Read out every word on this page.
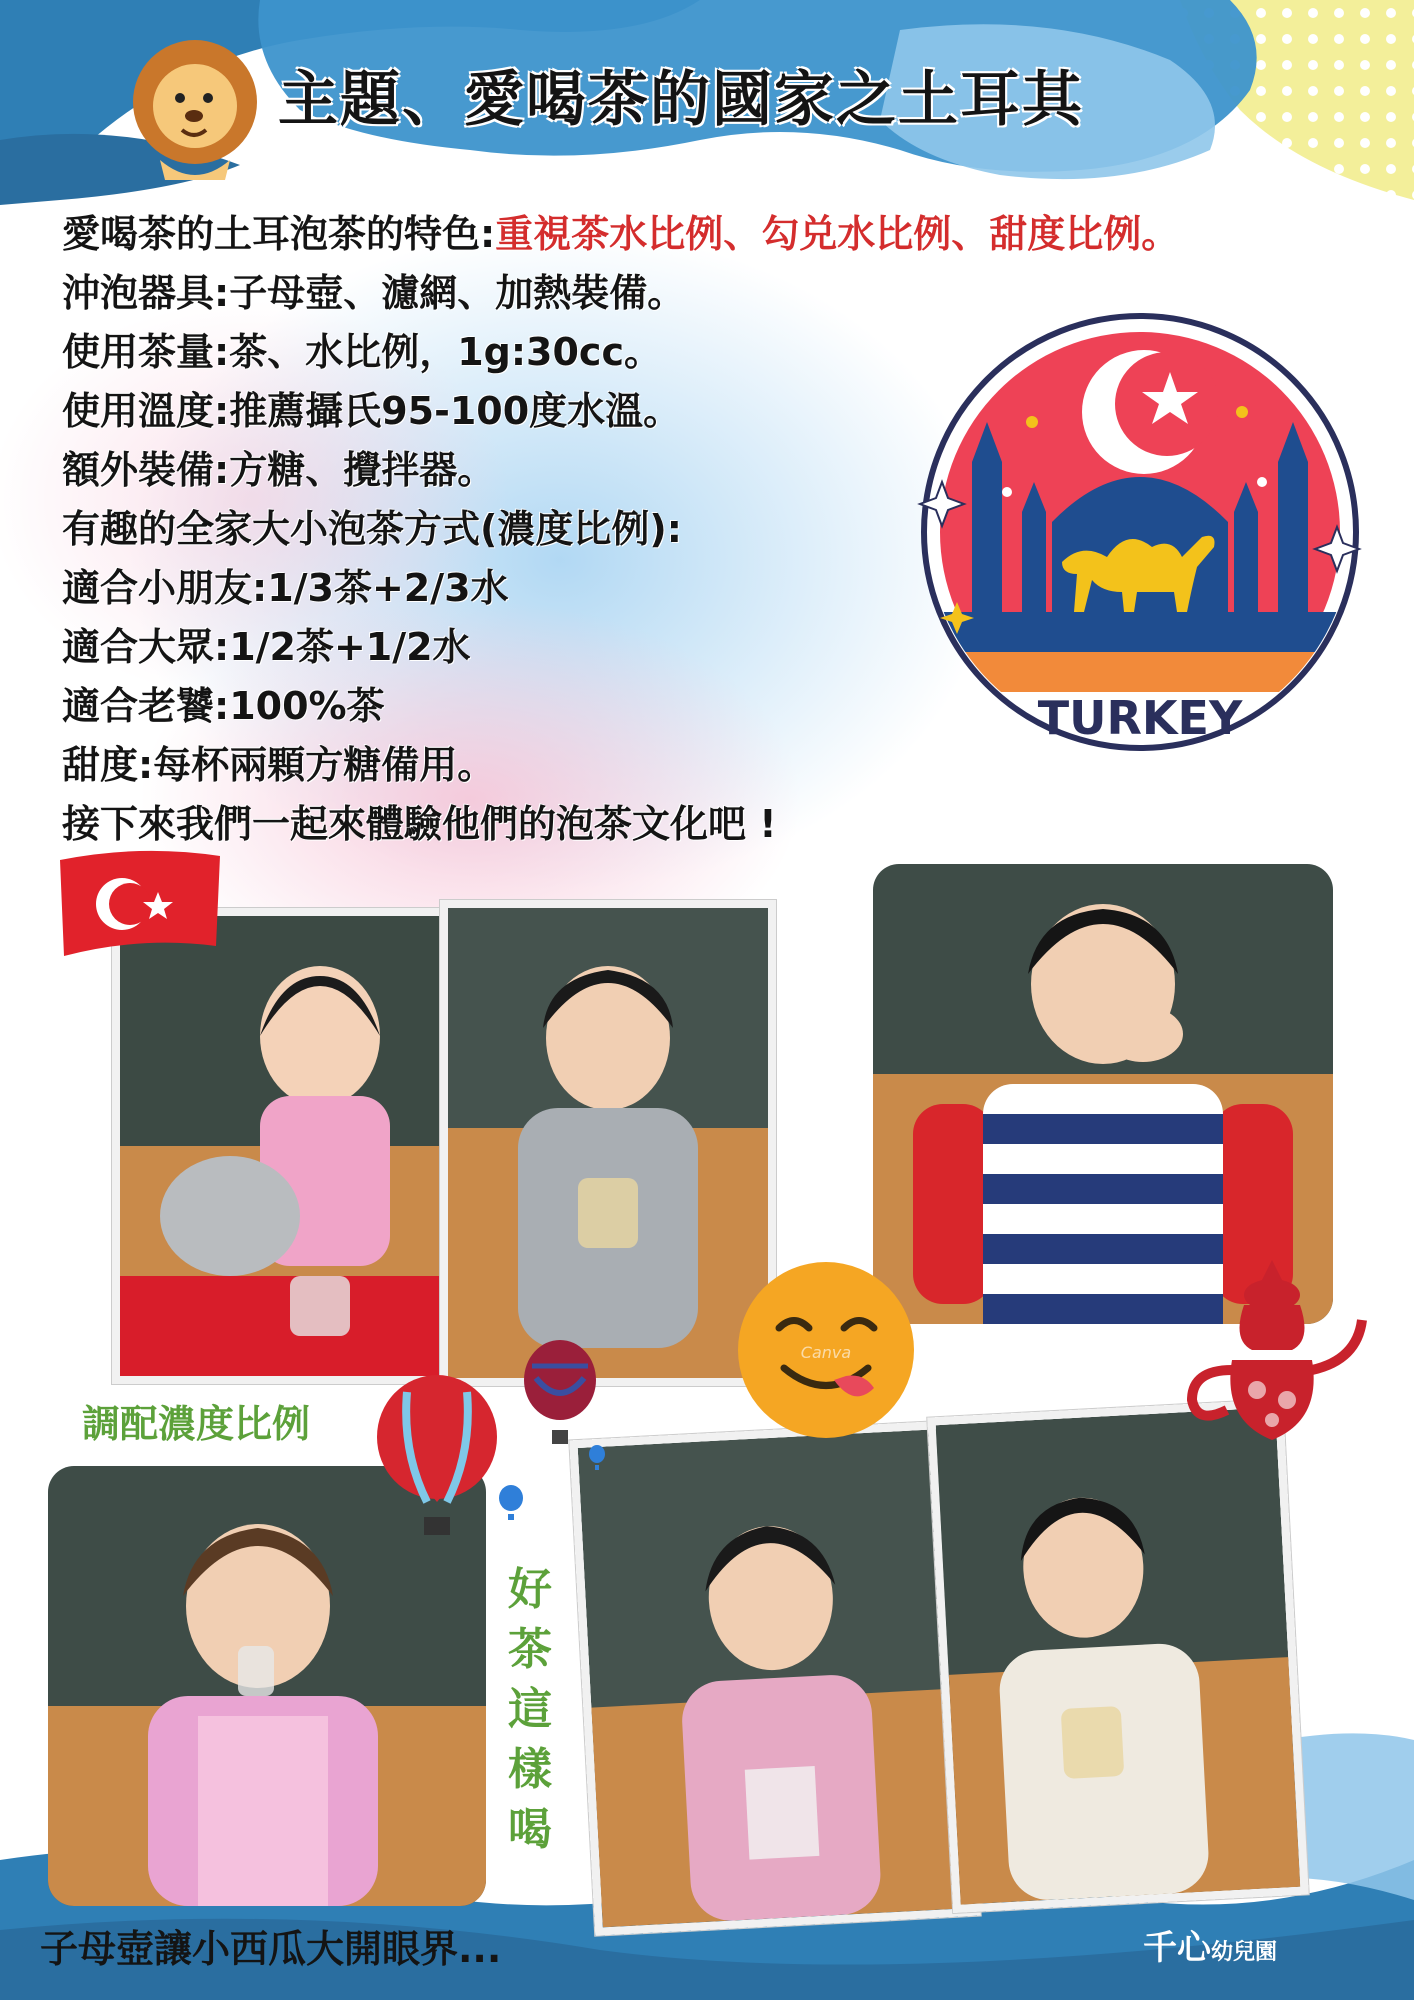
主題、愛喝茶的國家之土耳其
愛喝茶的土耳泡茶的特色:重視茶水比例、勾兑水比例、甜度比例。
沖泡器具:子母壺、濾網、加熱裝備。
使用茶量:茶、水比例，1g:30cc。
使用溫度:推薦攝氏95-100度水溫。
額外裝備:方糖、攪拌器。
有趣的全家大小泡茶方式(濃度比例):
適合小朋友:1/3茶+2/3水
適合大眾:1/2茶+1/2水
適合老饕:100%茶
甜度:每杯兩顆方糖備用。
接下來我們一起來體驗他們的泡茶文化吧 !
TURKEY
Canva
調配濃度比例
好
茶
這
樣
喝
子母壺讓小西瓜大開眼界...	千心幼兒園
